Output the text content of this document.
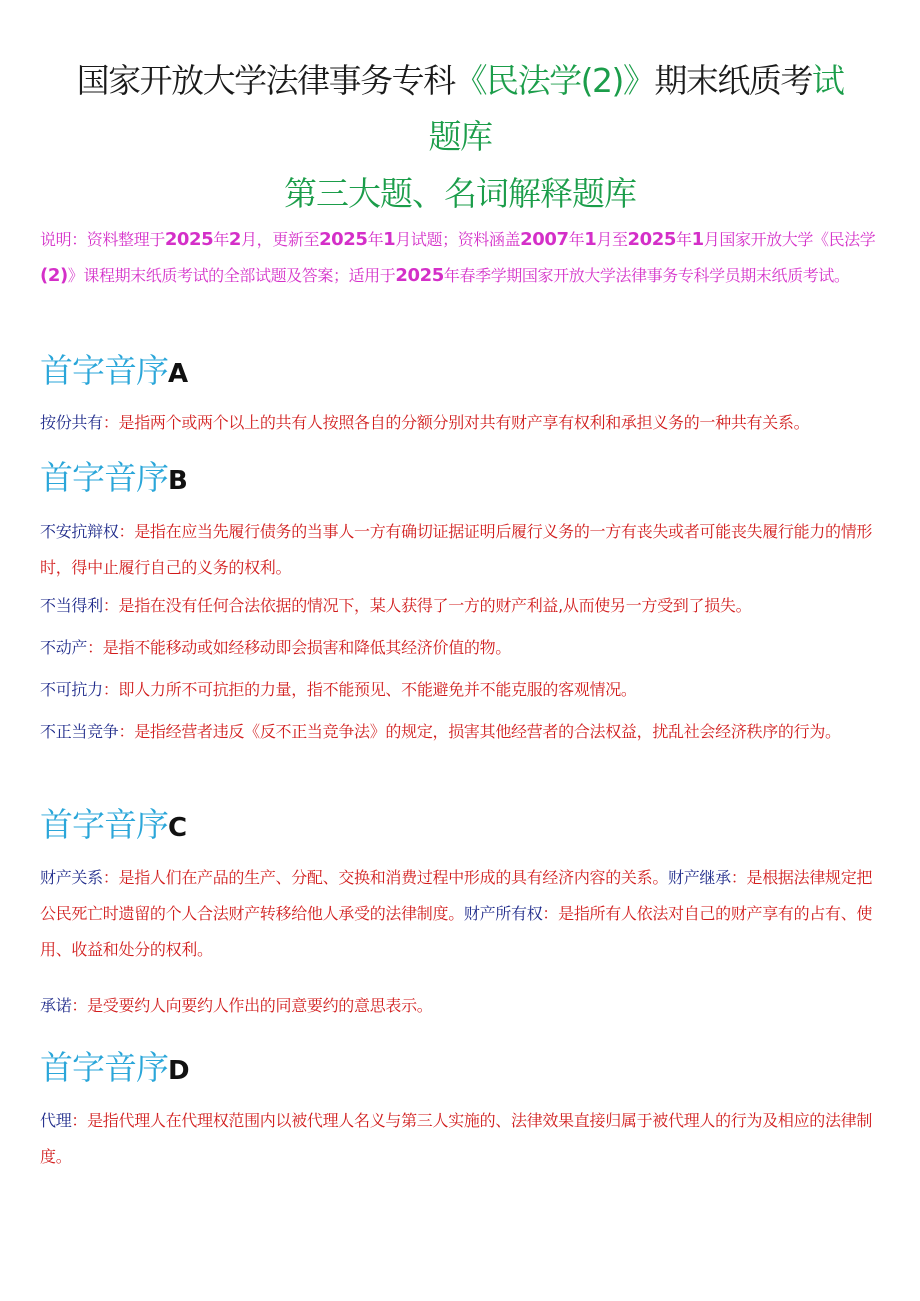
国家开放大学法律事务专科《民法学(2)》期末纸质考试
题库
第三大题、名词解释题库
说明：资料整理于2025年2月，更新至2025年1月试题；资料涵盖2007年1月至2025年1月国家开放大学《民法学(2)》课程期末纸质考试的全部试题及答案；适用于2025年春季学期国家开放大学法律事务专科学员期末纸质考试。
首字音序A
按份共有：是指两个或两个以上的共有人按照各自的分额分别对共有财产享有权利和承担义务的一种共有关系。
首字音序B
不安抗辩权：是指在应当先履行债务的当事人一方有确切证据证明后履行义务的一方有丧失或者可能丧失履行能力的情形时，得中止履行自己的义务的权利。
不当得利：是指在没有任何合法依据的情况下，某人获得了一方的财产利益,从而使另一方受到了损失。
不动产：是指不能移动或如经移动即会损害和降低其经济价值的物。
不可抗力：即人力所不可抗拒的力量，指不能预见、不能避免并不能克服的客观情况。
不正当竞争：是指经营者违反《反不正当竞争法》的规定，损害其他经营者的合法权益，扰乱社会经济秩序的行为。
首字音序C
财产关系：是指人们在产品的生产、分配、交换和消费过程中形成的具有经济内容的关系。财产继承：是根据法律规定把公民死亡时遗留的个人合法财产转移给他人承受的法律制度。财产所有权：是指所有人依法对自己的财产享有的占有、使用、收益和处分的权利。
承诺：是受要约人向要约人作出的同意要约的意思表示。
首字音序D
代理：是指代理人在代理权范围内以被代理人名义与第三人实施的、法律效果直接归属于被代理人的行为及相应的法律制度。
